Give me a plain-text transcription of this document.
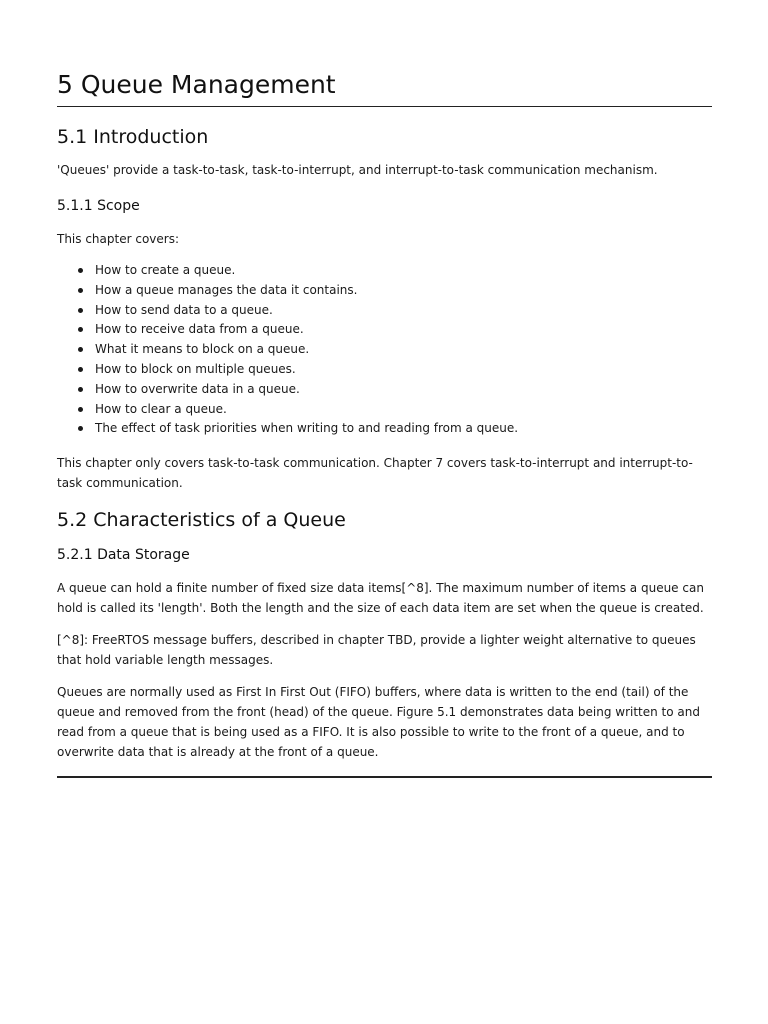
5 Queue Management
5.1 Introduction

'Queues' provide a task-to-task, task-to-interrupt, and interrupt-to-task communication mechanism.

5.1.1 Scope

This chapter covers:

How to create a queue.
How a queue manages the data it contains.
How to send data to a queue.
How to receive data from a queue.
What it means to block on a queue.
How to block on multiple queues.
How to overwrite data in a queue.
How to clear a queue.
The effect of task priorities when writing to and reading from a queue.

This chapter only covers task-to-task communication. Chapter 7 covers task-to-interrupt and interrupt-to-task communication.

5.2 Characteristics of a Queue
5.2.1 Data Storage

A queue can hold a finite number of fixed size data items[^8]. The maximum number of items a queue can hold is called its 'length'. Both the length and the size of each data item are set when the queue is created.

[^8]: FreeRTOS message buffers, described in chapter TBD, provide a lighter weight alternative to queues that hold variable length messages.

Queues are normally used as First In First Out (FIFO) buffers, where data is written to the end (tail) of the queue and removed from the front (head) of the queue. Figure 5.1 demonstrates data being written to and read from a queue that is being used as a FIFO. It is also possible to write to the front of a queue, and to overwrite data that is already at the front of a queue.
